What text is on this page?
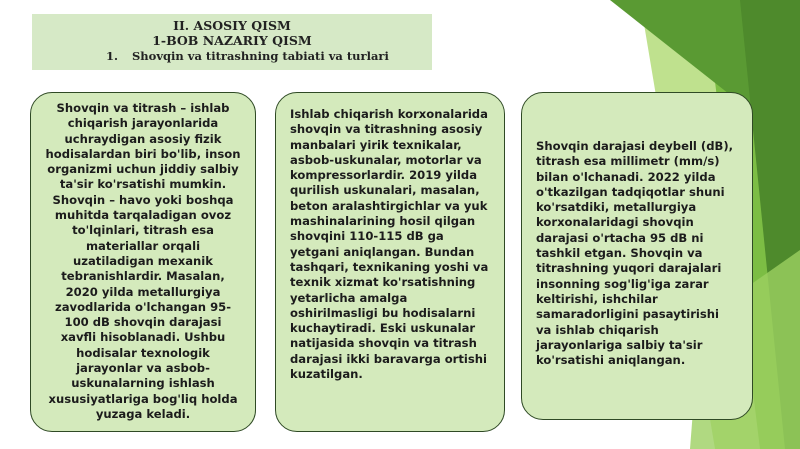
II. ASOSIY QISM
1-BOB NAZARIY QISM
1. Shovqin va titrashning tabiati va turlari
Shovqin va titrash – ishlab chiqarish jarayonlarida uchraydigan asosiy fizik hodisalardan biri bo'lib, inson organizmi uchun jiddiy salbiy ta'sir ko'rsatishi mumkin. Shovqin – havo yoki boshqa muhitda tarqaladigan ovoz to'lqinlari, titrash esa materiallar orqali uzatiladigan mexanik tebranishlardir. Masalan, 2020 yilda metallurgiya zavodlarida o'lchangan 95-100 dB shovqin darajasi xavfli hisoblanadi. Ushbu hodisalar texnologik jarayonlar va asbob-uskunalarning ishlash xususiyatlariga bog'liq holda yuzaga keladi.
Ishlab chiqarish korxonalarida shovqin va titrashning asosiy manbalari yirik texnikalar, asbob-uskunalar, motorlar va kompressorlardir. 2019 yilda qurilish uskunalari, masalan, beton aralashtirgichlar va yuk mashinalarining hosil qilgan shovqini 110-115 dB ga yetgani aniqlangan. Bundan tashqari, texnikaning yoshi va texnik xizmat ko'rsatishning yetarlicha amalga oshirilmasligi bu hodisalarni kuchaytiradi. Eski uskunalar natijasida shovqin va titrash darajasi ikki baravarga ortishi kuzatilgan.
Shovqin darajasi deybell (dB), titrash esa millimetr (mm/s) bilan o'lchanadi. 2022 yilda o'tkazilgan tadqiqotlar shuni ko'rsatdiki, metallurgiya korxonalaridagi shovqin darajasi o'rtacha 95 dB ni tashkil etgan. Shovqin va titrashning yuqori darajalari insonning sog'lig'iga zarar keltirishi, ishchilar samaradorligini pasaytirishi va ishlab chiqarish jarayonlariga salbiy ta'sir ko'rsatishi aniqlangan.
